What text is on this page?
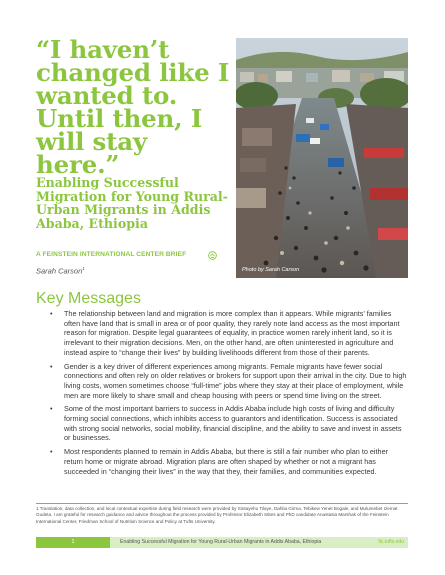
“I haven’t changed like I wanted to. Until then, I will stay here.”
Enabling Successful Migration for Young Rural-Urban Migrants in Addis Ababa, Ethiopia

A FEINSTEIN INTERNATIONAL CENTER BRIEF

Sarah Carson$^1$	Photo by Sarah Carson
Key Messages
• The relationship between land and migration is more complex than it appears. While migrants’ families often have land that is small in area or of poor quality, they rarely note land access as the most important reason for migration. Despite legal guarantees of equality, in practice women rarely inherit land, so it is irrelevant to their migration decisions. Men, on the other hand, are often uninterested in agriculture and instead aspire to “change their lives” by building livelihoods different from those of their parents.
• Gender is a key driver of different experiences among migrants. Female migrants have fewer social connections and often rely on older relatives or brokers for support upon their arrival in the city. Due to high living costs, women sometimes choose “full-time” jobs where they stay at their place of employment, while men are more likely to share small and cheap housing with peers or spend time living on the street.
• Some of the most important barriers to success in Addis Ababa include high costs of living and difficulty forming social connections, which inhibits access to guarantors and identification. Success is associated with strong social networks, social mobility, financial discipline, and the ability to save and invest in assets or businesses.
• Most respondents planned to remain in Addis Ababa, but there is still a fair number who plan to either return home or migrate abroad. Migration plans are often shaped by whether or not a migrant has succeeded in “changing their lives” in the way that they, their families, and communities expected.

1 Translation, data collection, and local contextual expertise during field research were provided by Sintayehu Tilaye, Dahlia Girma, Tebikew Yenet Bogale, and Mulumebet Izemat Gudeta. I am grateful for research guidance and advice throughout the process provided by Professor Elizabeth Stites and PhD candidate Anastasia Marshak of the Feinstein International Center, Friedman School of Nutrition Science and Policy at Tufts University.

1	Enabling Successful Migration for Young Rural-Urban Migrants in Addis Ababa, Ethiopia	fic.tufts.edu
